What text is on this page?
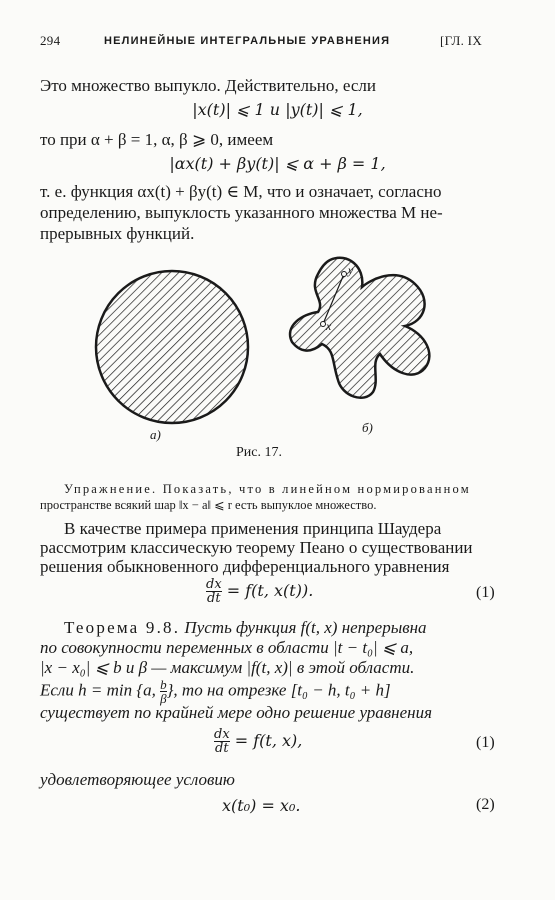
294	НЕЛИНЕЙНЫЕ ИНТЕГРАЛЬНЫЕ УРАВНЕНИЯ	[ГЛ. IX
Это множество выпукло. Действительно, если
|x(t)| ⩽ 1 и |y(t)| ⩽ 1,
то при α + β = 1, α, β ⩾ 0, имеем
|αx(t) + βy(t)| ⩽ α + β = 1,
т. е. функция αx(t) + βy(t) ∈ M, что и означает, согласно
определению, выпуклость указанного множества M не-
прерывных функций.
y
x
а)	б)
Рис. 17.
Упражнение. Показать, что в линейном нормированном
пространстве всякий шар ‖x − a‖ ⩽ r есть выпуклое множество.
В качестве примера применения принципа Шаудера
рассмотрим классическую теорему Пеано о существовании
решения обыкновенного дифференциального уравнения
$\frac{dx}{dt} = f(t$, x(t)).	(1)
Теорема 9.8. Пусть функция f(t, x) непрерывна
по совокупности переменных в области |t − t₀| ⩽ a,
|x − x₀| ⩽ b и β — максимум |f(t, x)| в этой области.
Если h = min {a, $\frac{b}{\beta}$ }, то на отрезке [t₀ − h, t₀ + h]
существует по крайней мере одно решение уравнения
$\frac{dx}{dt} = f(t$, x),	(1)
удовлетворяющее условию
x(t₀) = x₀.	(2)
